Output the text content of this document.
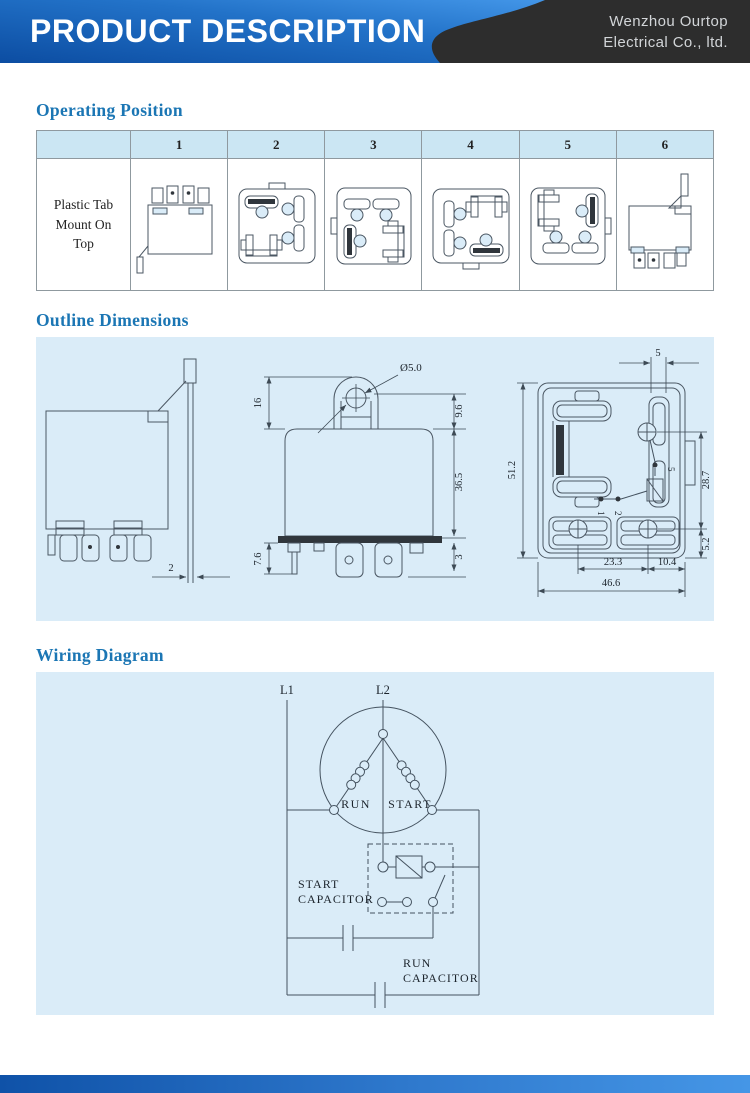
PRODUCT DESCRIPTION	Wenzhou Ourtop
Electrical Co., ltd.
Operating Position
	1	2	3	4	5	6

Plastic Tab
Mount On
Top

Outline Dimensions
2
Ø5.0
16
7.6
9.6
36.5
3
1 2
5
5
51.2
28.7
5.2
23.3	10.4
46.6
Wiring Diagram
L1	L2
RUN START
START
CAPACITOR
RUN
CAPACITOR
